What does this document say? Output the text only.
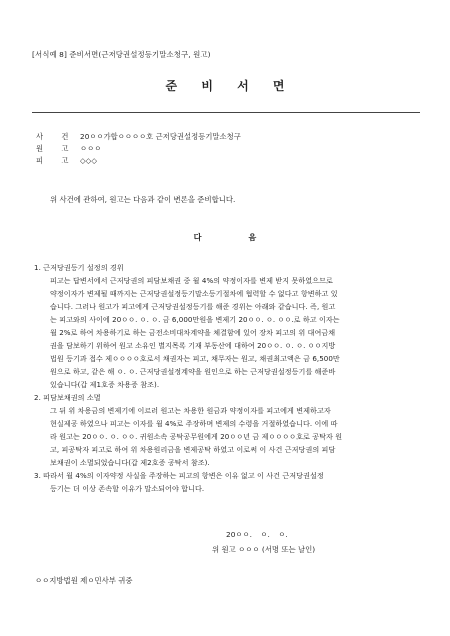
[서식예 8] 준비서면(근저당권설정등기말소청구, 원고)
준 비 서 면
사 건 20ㅇㅇ가합ㅇㅇㅇㅇ호 근저당권설정등기말소청구
원 고 ㅇㅇㅇ
피 고 ◇◇◇
위 사건에 관하여, 원고는 다음과 같이 변론을 준비합니다.
다 음
1. 근저당권등기 설정의 경위
피고는 답변서에서 근저당권의 피담보채권 중 월 4%의 약정이자를 변제 받지 못하였으므로
약정이자가 변제될 때까지는 근저당권설정등기말소등기절차에 협력할 수 없다고 항변하고 있
습니다. 그러나 원고가 피고에게 근저당권설정등기를 해준 경위는 아래와 같습니다. 즉, 원고
는 피고와의 사이에 20ㅇㅇ. ㅇ. ㅇ. 금 6,000만원을 변제기 20ㅇㅇ. ㅇ. ㅇㅇ.로 하고 이자는
월 2%로 하여 차용하기로 하는 금전소비대차계약을 체결함에 있어 장차 피고의 위 대여금채
권을 담보하기 위하여 원고 소유인 별지목록 기재 부동산에 대하여 20ㅇㅇ. ㅇ. ㅇ. ㅇㅇ지방
법원 등기과 접수 제ㅇㅇㅇㅇ호로서 채권자는 피고, 채무자는 원고, 채권최고액은 금 6,500만
원으로 하고, 같은 해 ㅇ. ㅇ. 근저당권설정계약을 원인으로 하는 근저당권설정등기를 해준바
있습니다(갑 제1호증 차용증 참조).
2. 피담보채권의 소멸
그 뒤 위 차용금의 변제기에 이르러 원고는 차용한 원금과 약정이자를 피고에게 변제하고자
현실제공 하였으나 피고는 이자를 월 4%로 주장하며 변제의 수령을 거절하였습니다. 이에 따
라 원고는 20ㅇㅇ. ㅇ. ㅇㅇ. 귀원소속 공탁공무원에게 20ㅇㅇ년 금 제ㅇㅇㅇㅇ호로 공탁자 원
고, 피공탁자 피고로 하여 위 차용원리금을 변제공탁 하였고 이로써 이 사건 근저당권의 피담
보채권이 소멸되었습니다(갑 제2호증 공탁서 참조).
3. 따라서 월 4%의 이자약정 사실을 주장하는 피고의 항변은 이유 없고 이 사건 근저당권설정
등기는 더 이상 존속할 이유가 말소되어야 합니다.
20ㅇㅇ. ㅇ. ㅇ.
위 원고 ㅇㅇㅇ (서명 또는 날인)
ㅇㅇ지방법원 제ㅇ민사부 귀중
